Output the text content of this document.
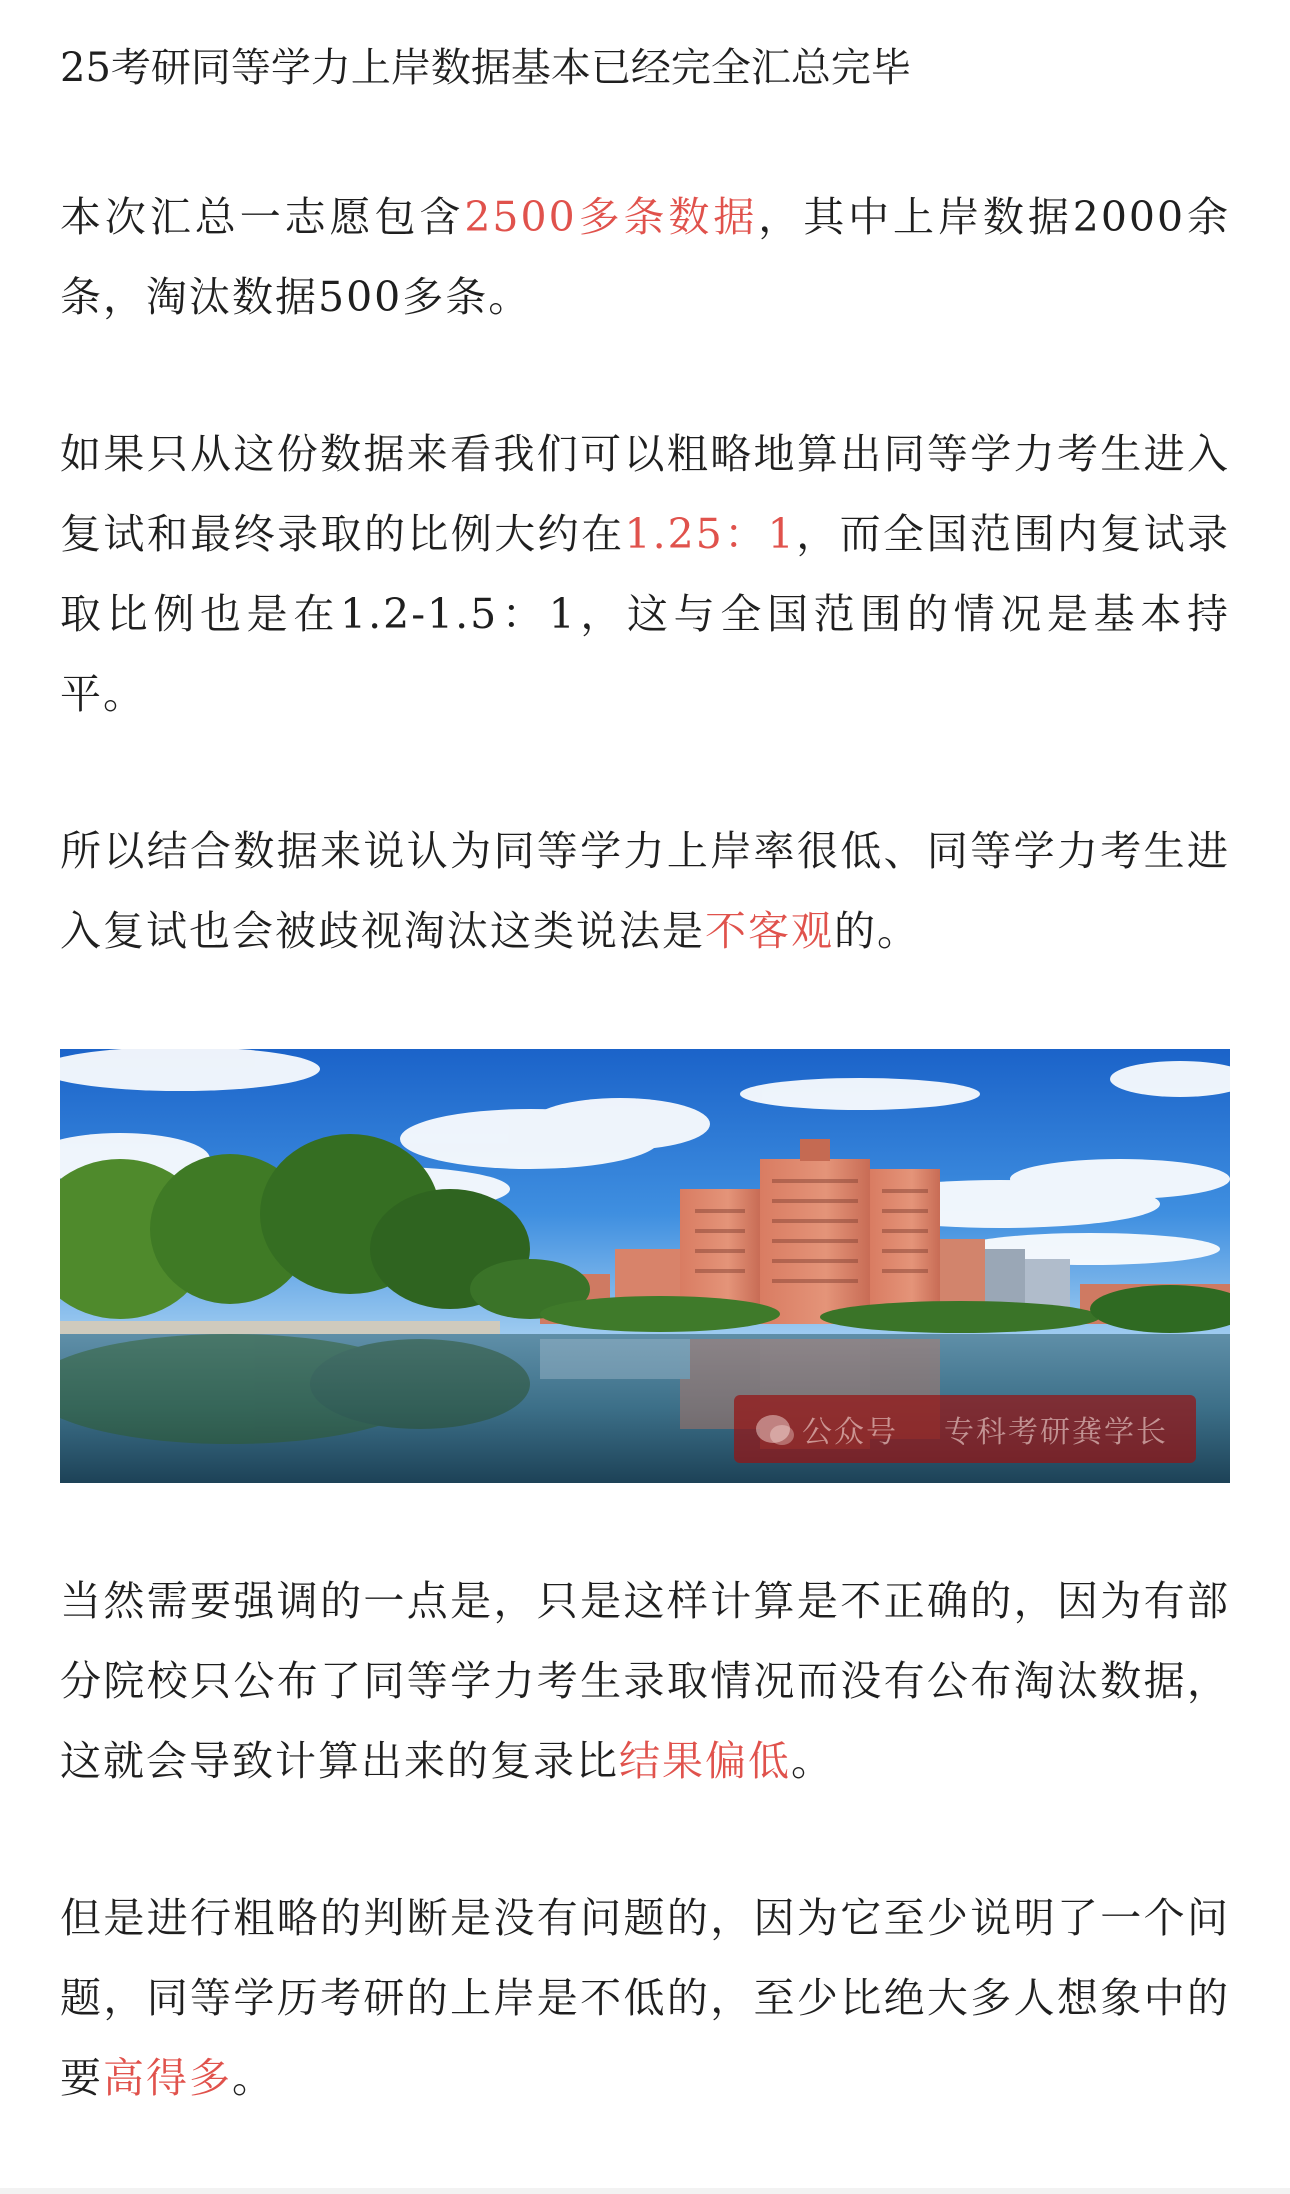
25考研同等学力上岸数据基本已经完全汇总完毕

本次汇总一志愿包含2500多条数据，其中上岸数据2000余条，淘汰数据500多条。

如果只从这份数据来看我们可以粗略地算出同等学力考生进入复试和最终录取的比例大约在1.25：1，而全国范围内复试录取比例也是在1.2-1.5：1，这与全国范围的情况是基本持平。

所以结合数据来说认为同等学力上岸率很低、同等学力考生进入复试也会被歧视淘汰这类说法是不客观的。

公众号 专科考研龚学长

当然需要强调的一点是，只是这样计算是不正确的，因为有部分院校只公布了同等学力考生录取情况而没有公布淘汰数据，这就会导致计算出来的复录比结果偏低。

但是进行粗略的判断是没有问题的，因为它至少说明了一个问题，同等学历考研的上岸是不低的，至少比绝大多人想象中的要高得多。
